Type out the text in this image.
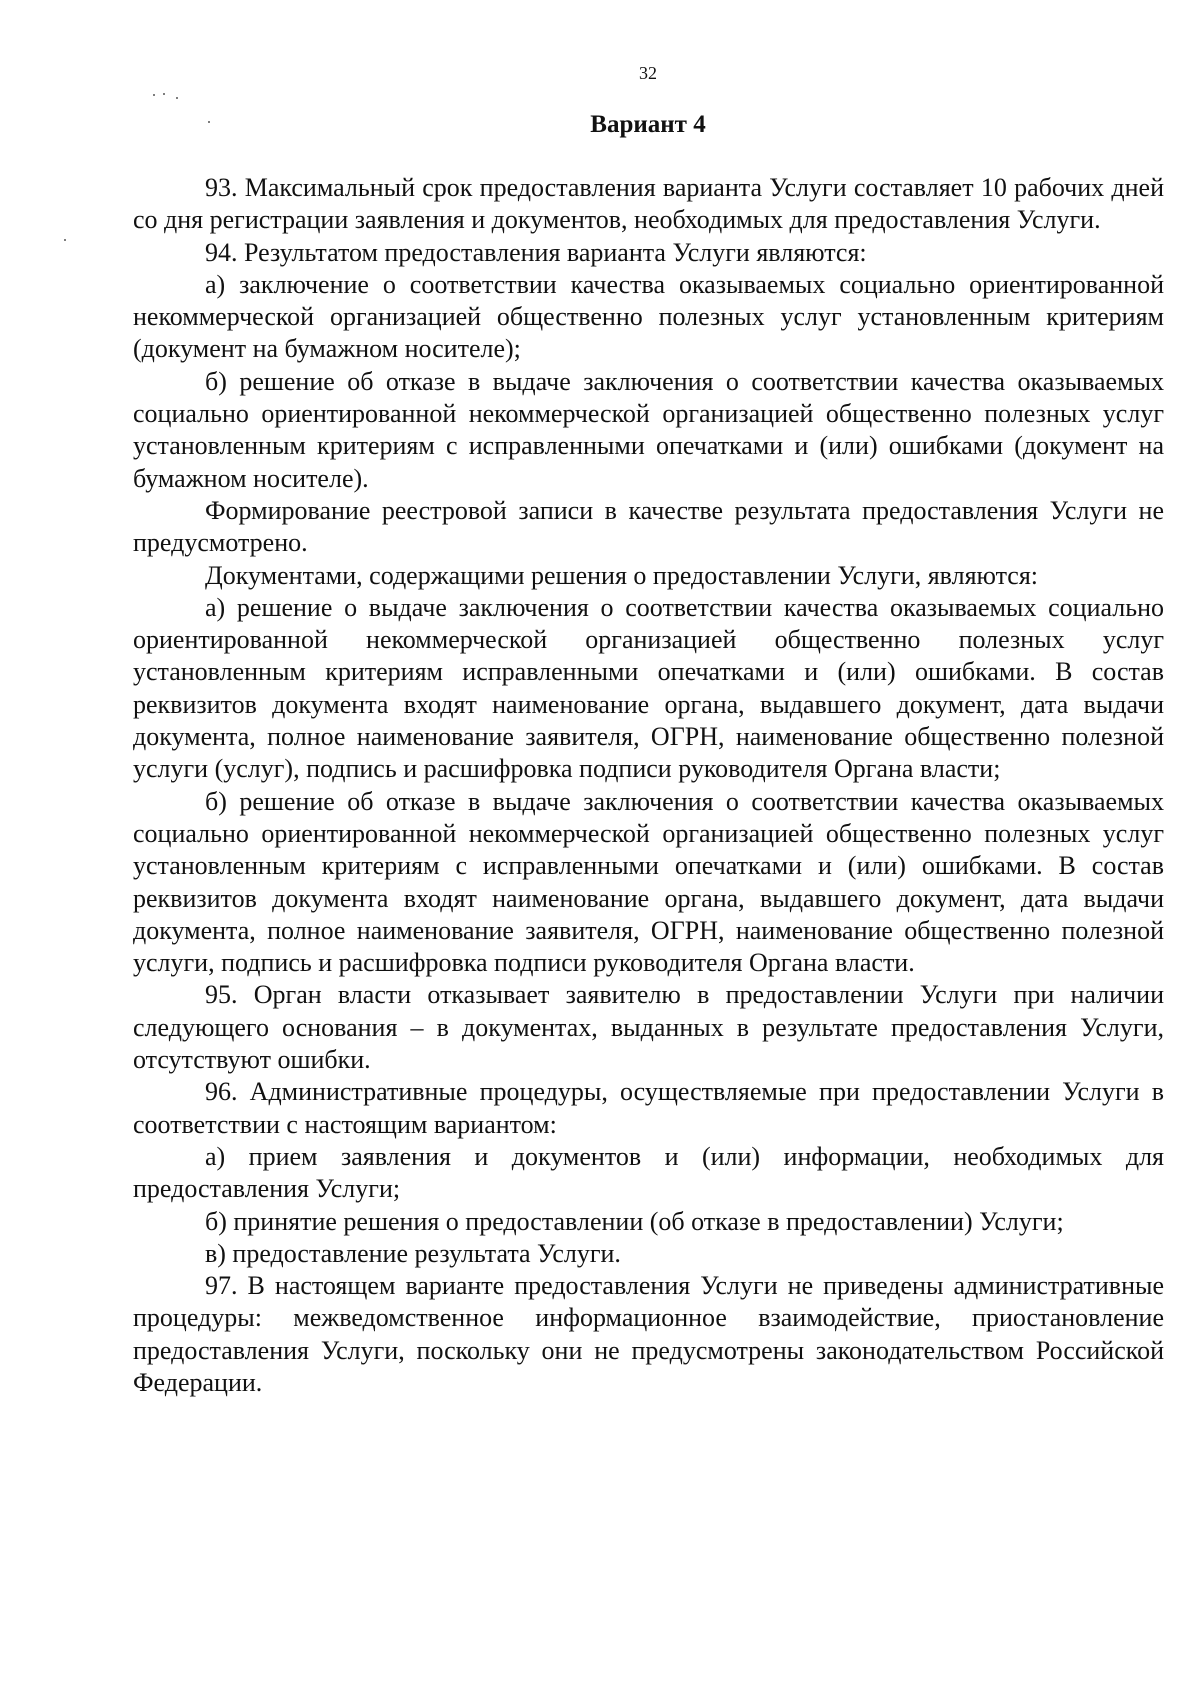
32
Вариант 4

93. Максимальный срок предоставления варианта Услуги составляет 10 рабочих дней со дня регистрации заявления и документов, необходимых для предоставления Услуги.

94. Результатом предоставления варианта Услуги являются:

а) заключение о соответствии качества оказываемых социально ориентированной некоммерческой организацией общественно полезных услуг установленным критериям (документ на бумажном носителе);

б) решение об отказе в выдаче заключения о соответствии качества оказываемых социально ориентированной некоммерческой организацией общественно полезных услуг установленным критериям с исправленными опечатками и (или) ошибками (документ на бумажном носителе).

Формирование реестровой записи в качестве результата предоставления Услуги не предусмотрено.

Документами, содержащими решения о предоставлении Услуги, являются:

а) решение о выдаче заключения о соответствии качества оказываемых социально ориентированной некоммерческой организацией общественно полезных услуг установленным критериям исправленными опечатками и (или) ошибками. В состав реквизитов документа входят наименование органа, выдавшего документ, дата выдачи документа, полное наименование заявителя, ОГРН, наименование общественно полезной услуги (услуг), подпись и расшифровка подписи руководителя Органа власти;

б) решение об отказе в выдаче заключения о соответствии качества оказываемых социально ориентированной некоммерческой организацией общественно полезных услуг установленным критериям с исправленными опечатками и (или) ошибками. В состав реквизитов документа входят наименование органа, выдавшего документ, дата выдачи документа, полное наименование заявителя, ОГРН, наименование общественно полезной услуги, подпись и расшифровка подписи руководителя Органа власти.

95. Орган власти отказывает заявителю в предоставлении Услуги при наличии следующего основания – в документах, выданных в результате предоставления Услуги, отсутствуют ошибки.

96. Административные процедуры, осуществляемые при предоставлении Услуги в соответствии с настоящим вариантом:

а) прием заявления и документов и (или) информации, необходимых для предоставления Услуги;

б) принятие решения о предоставлении (об отказе в предоставлении) Услуги;

в) предоставление результата Услуги.

97. В настоящем варианте предоставления Услуги не приведены административные процедуры: межведомственное информационное взаимодействие, приостановление предоставления Услуги, поскольку они не предусмотрены законодательством Российской Федерации.
